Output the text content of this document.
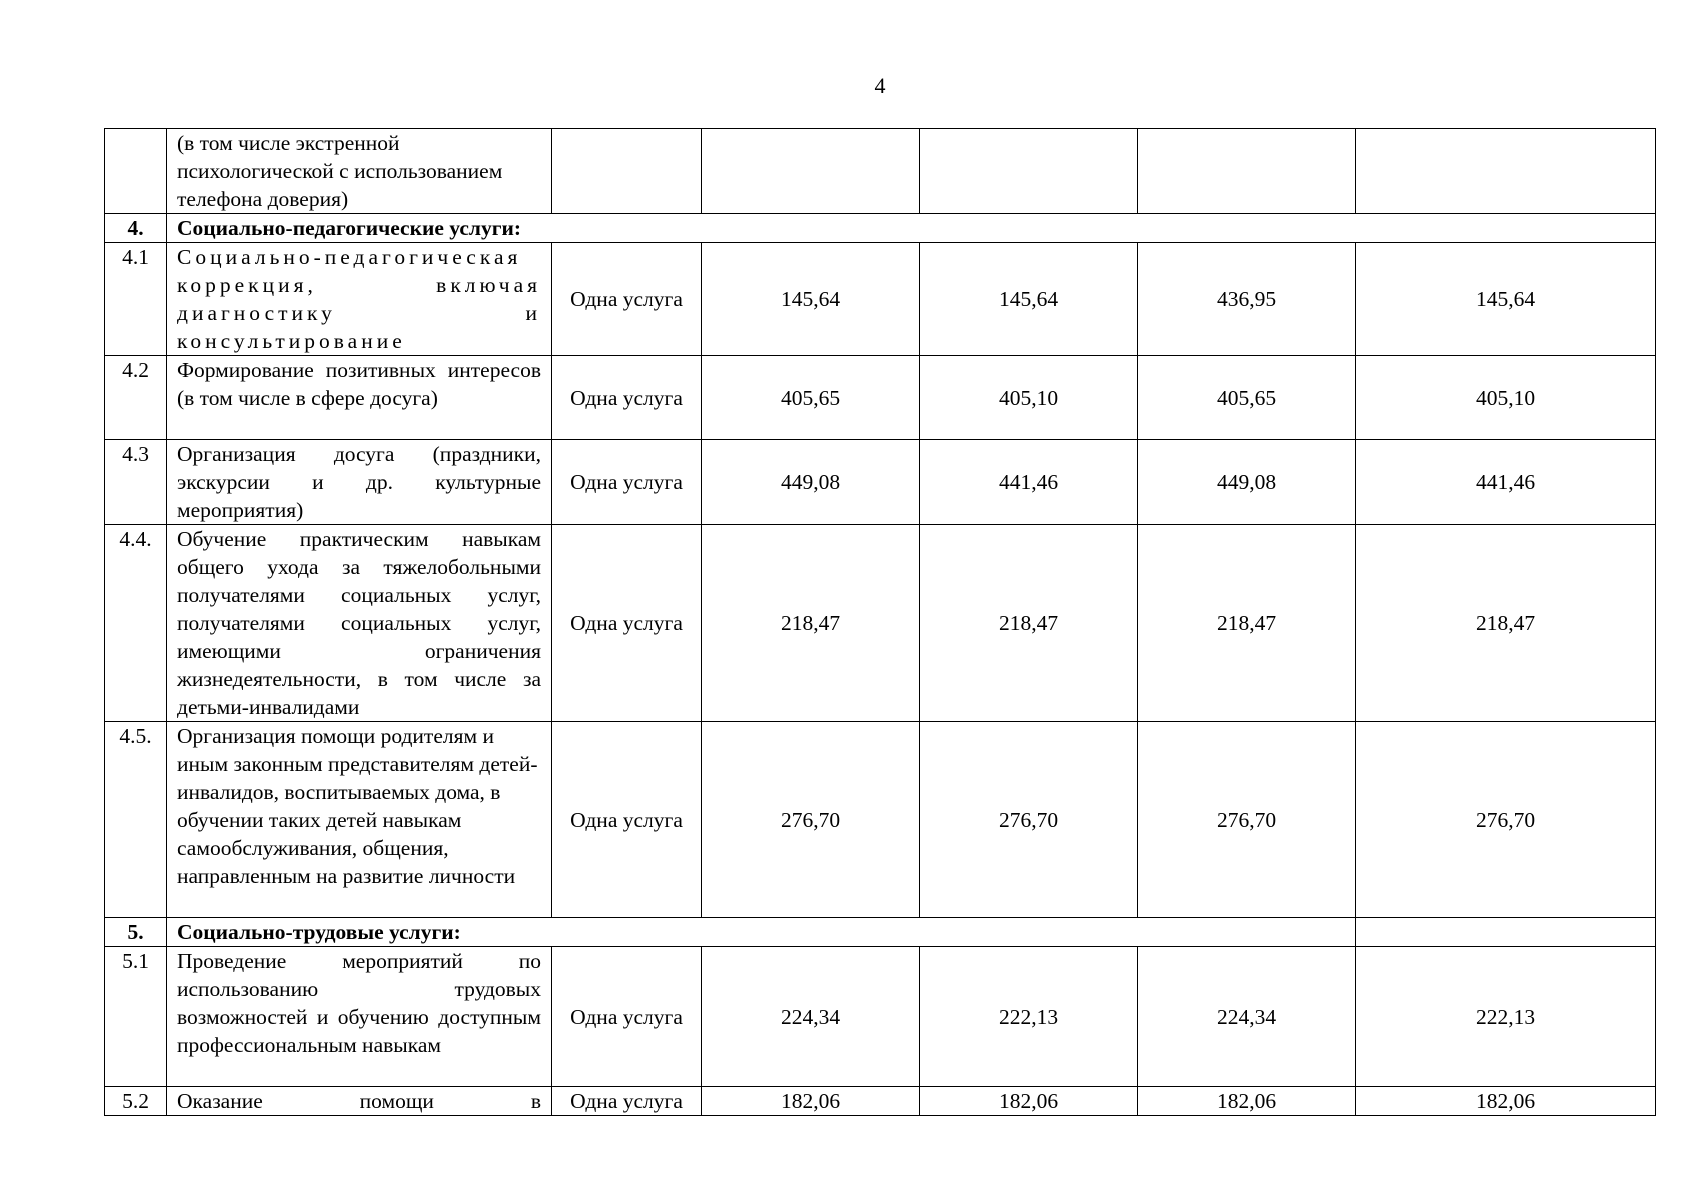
4
	(в том числе экстренной психологической с использованием телефона доверия)					
4.	Социально-педагогические услуги:					
4.1	Социально-педагогическая коррекция, включая диагностику и консультирование	Одна услуга	145,64	145,64	436,95	145,64
4.2	Формирование позитивных интересов (в том числе в сфере досуга)	Одна услуга	405,65	405,10	405,65	405,10
4.3	Организация досуга (праздники, экскурсии и др. культурные мероприятия)	Одна услуга	449,08	441,46	449,08	441,46
4.4.	Обучение практическим навыкам общего ухода за тяжелобольными получателями социальных услуг, получателями социальных услуг, имеющими ограничения жизнедеятельности, в том числе за детьми-инвалидами	Одна услуга	218,47	218,47	218,47	218,47
4.5.	Организация помощи родителям и иным законным представителям детей-инвалидов, воспитываемых дома, в обучении таких детей навыкам самообслуживания, общения, направленным на развитие личности	Одна услуга	276,70	276,70	276,70	276,70
5.	Социально-трудовые услуги:					
5.1	Проведение мероприятий по использованию трудовых возможностей и обучению доступным профессиональным навыкам	Одна услуга	224,34	222,13	224,34	222,13
5.2	Оказание помощи в	Одна услуга	182,06	182,06	182,06	182,06
